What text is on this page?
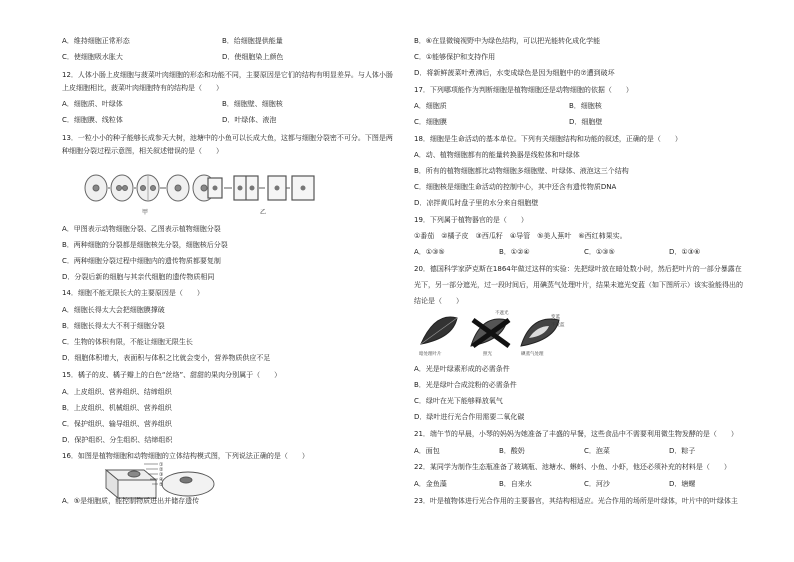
A．维持细胞正常形态	B．给细胞提供能量
C．使细胞吸水胀大	D．使细胞染上颜色
12．人体小肠上皮细胞与菠菜叶肉细胞的形态和功能不同，主要原因是它们的结构有明显差异。与人体小肠
上皮细胞相比，菠菜叶肉细胞特有的结构是（　　）
A．细胞质、叶绿体	B．细胞壁、细胞核
C．细胞膜、线粒体	D．叶绿体、液泡
13．一粒小小的种子能够长成参天大树，池塘中的小鱼可以长成大鱼，这都与细胞分裂密不可分。下图是两
种细胞分裂过程示意图，相关叙述错误的是（　　）
甲	乙
A．甲图表示动物细胞分裂、乙图表示植物细胞分裂
B．两种细胞的分裂都是细胞核先分裂，细胞核后分裂
C．两种细胞分裂过程中细胞内的遗传物质都要复制
D．分裂后新的细胞与其亲代细胞的遗传物质相同
14．细胞不能无限长大的主要原因是（　　）
A．细胞长得太大会把细胞膜撑破
B．细胞长得太大不利于细胞分裂
C．生物的体积有限，不能让细胞无限生长
D．细胞体积增大，表面积与体积之比就会变小，营养物质供应不足
15．橘子的皮、橘子瓣上的白色“丝络”、甜甜的果肉分别属于（　　）
A．上皮组织、营养组织、结缔组织
B．上皮组织、机械组织、营养组织
C．保护组织、输导组织、营养组织
D．保护组织、分生组织、结缔组织
16．如图是植物细胞和动物细胞的立体结构模式图，下列说法正确的是（　　）
①
②
③
④
⑤
A．⑤是细胞质，能控制物质进出并储存遗传
B．⑥在显微镜视野中为绿色结构，可以把光能转化成化学能
C．①能够保护和支持作用
D．将新鲜菠菜叶煮沸后，水变成绿色是因为细胞中的⑦遭到破坏
17．下列哪项能作为判断细胞是植物细胞还是动物细胞的依据（　　）
A．细胞质	B．细胞核
C．细胞膜	D．细胞壁
18．细胞是生命活动的基本单位。下列有关细胞结构和功能的叙述，正确的是（　　）
A．动、植物细胞都有的能量转换器是线粒体和叶绿体
B．所有的植物细胞都比动物细胞多细胞壁、叶绿体、液泡这三个结构
C．细胞核是细胞生命活动的控制中心，其中还含有遗传物质DNA
D．凉拌黄瓜时盘子里的水分来自细胞壁
19．下列属于植物器官的是（　　）
①番茄　②橘子皮　③西瓜籽　④导管　⑤美人蕉叶　⑥西红柿果实。
A．①③⑤	B．①②④	C．①③⑤	D．①③⑥
20．德国科学家萨克斯在1864年做过这样的实验：先把绿叶放在暗处数小时，然后把叶片的一部分暴露在
光下，另一部分遮光，过一段时间后，用碘蒸气处理叶片，结果未遮光变蓝（如下图所示）该实验能得出的
结论是（　　）
暗处理叶片	照光	碘蒸气处理
不遮光
变蓝
不变蓝
A．光是叶绿素形成的必需条件
B．光是绿叶合成淀粉的必需条件
C．绿叶在光下能够释放氧气
D．绿叶进行光合作用需要二氧化碳
21．端午节的早晨，小琴的妈妈为她准备了丰盛的早餐，这些食品中不需要利用微生物发酵的是（　　）
A．面包	B．酸奶	C．泡菜	D．粽子
22．某同学为制作生态瓶准备了玻璃瓶、池塘水、蝌蚪、小鱼、小虾，他还必须补充的材料是（　　）
A．金鱼藻	B．自来水	C．河沙	D．塘螺
23．叶是植物体进行光合作用的主要器官，其结构相适应。光合作用的场所是叶绿体，叶片中的叶绿体主
